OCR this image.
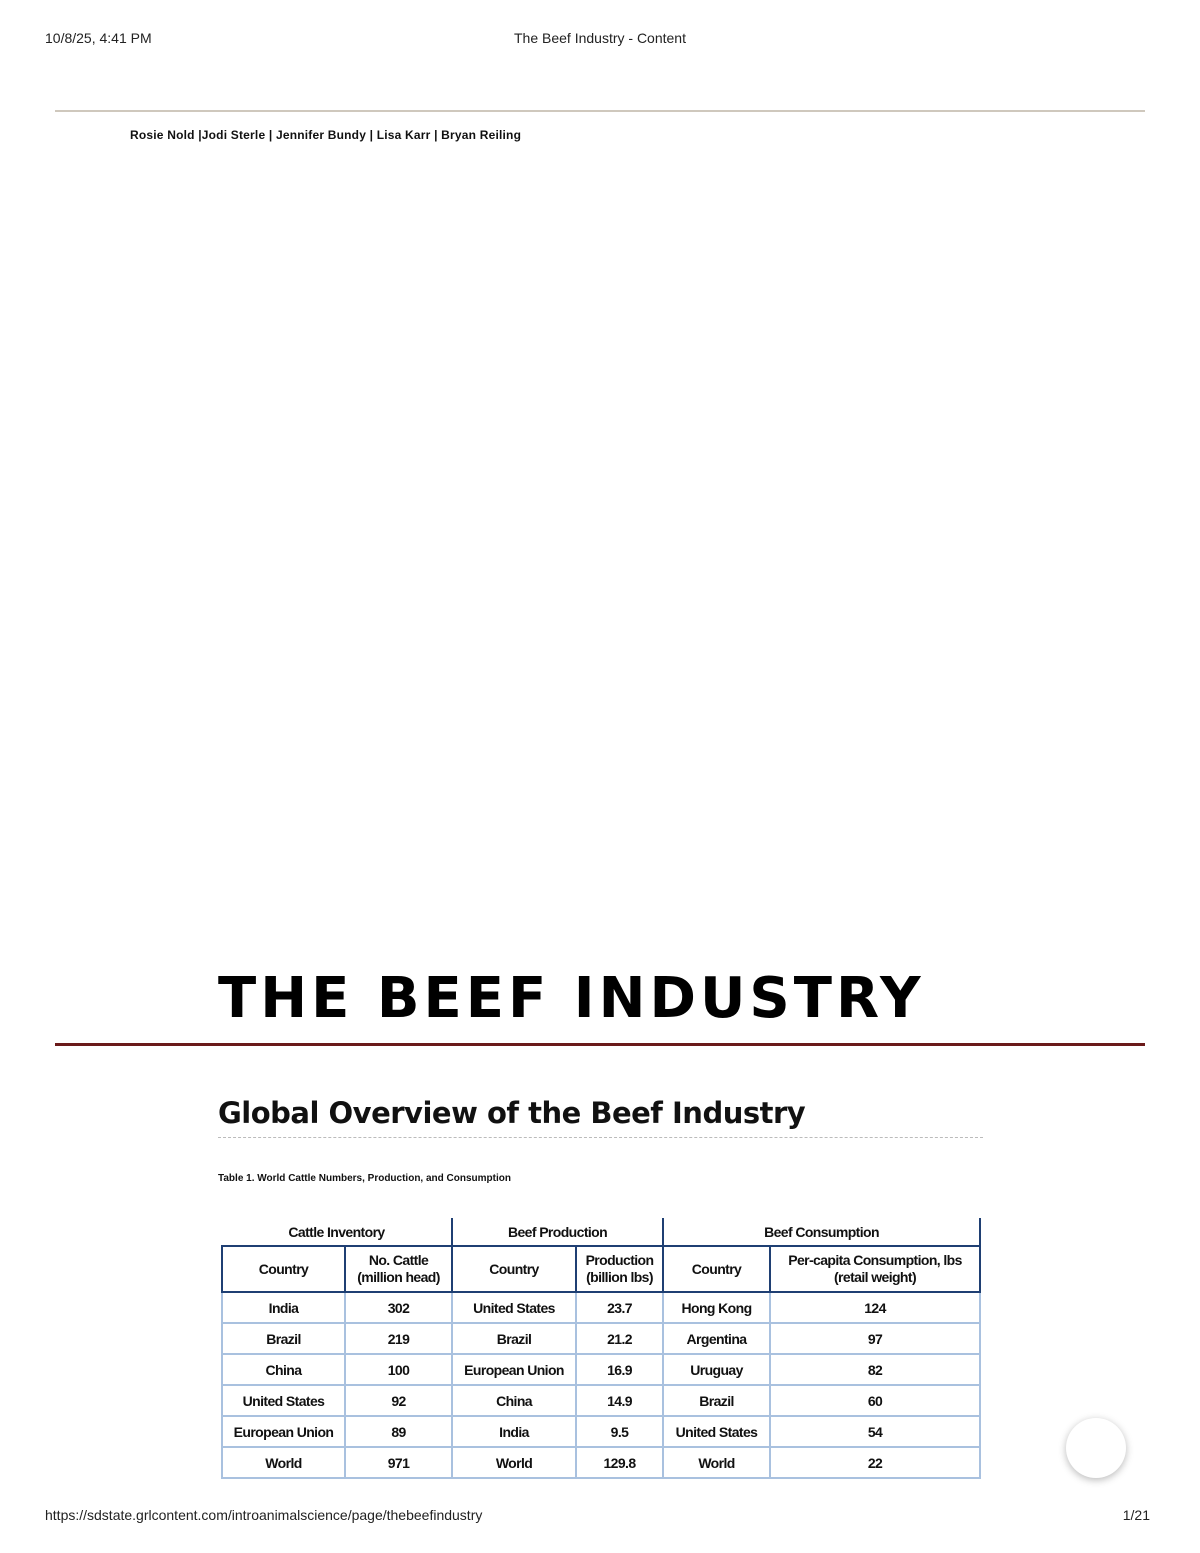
10/8/25, 4:41 PM	The Beef Industry - Content
Rosie Nold |Jodi Sterle | Jennifer Bundy | Lisa Karr | Bryan Reiling
THE BEEF INDUSTRY
Global Overview of the Beef Industry
Table 1. World Cattle Numbers, Production, and Consumption
Cattle Inventory		Beef Production		Beef Consumption	
Country	No. Cattle (million head)	Country	Production (billion lbs)	Country	Per-capita Consumption, lbs (retail weight)
India	302	United States	23.7	Hong Kong	124
Brazil	219	Brazil	21.2	Argentina	97
China	100	European Union	16.9	Uruguay	82
United States	92	China	14.9	Brazil	60
European Union	89	India	9.5	United States	54
World	971	World	129.8	World	22
https://sdstate.grlcontent.com/introanimalscience/page/thebeefindustry	1/21
